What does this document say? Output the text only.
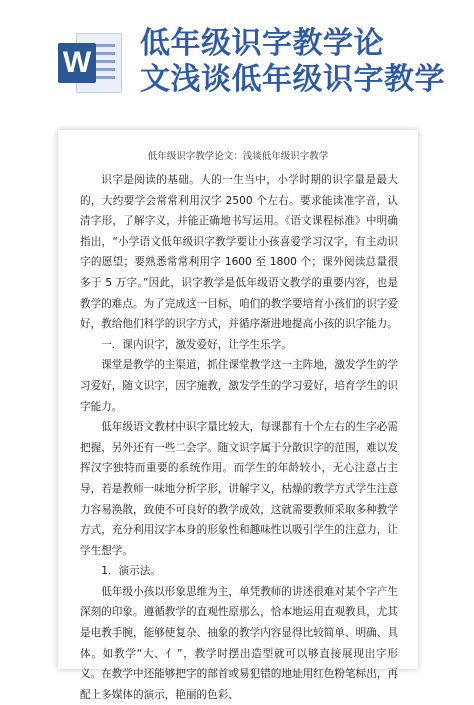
W
低年级识字教学论
文浅谈低年级识字教学
低年级识字教学论文：浅谈低年级识字教学

识字是阅读的基础。人的一生当中，小学时期的识字量是最大的，大约要学会常常利用汉字 2500 个左右。要求能读准字音，认清字形，了解字义，并能正确地书写运用。《语文课程标准》中明确指出，“小学语文低年级识字教学要让小孩喜爱学习汉字，有主动识字的愿望；要熟悉常常利用字 1600 至 1800 个；课外阅读总量很多于 5 万字。”因此，识字教学是低年级语文教学的重要内容，也是教学的难点。为了完成这一目标，咱们的教学要培育小孩们的识字爱好，教给他们科学的识字方式，并循序渐进地提高小孩的识字能力。

一．课内识字，激发爱好，让学生乐学。

课堂是教学的主渠道，抓住课堂教学这一主阵地，激发学生的学习爱好，随文识字，因字施教，激发学生的学习爱好，培育学生的识字能力。

低年级语文教材中识字量比较大，每课都有十个左右的生字必需把握，另外还有一些二会字。随文识字属于分散识字的范围，难以发挥汉字独特而重要的系统作用。而学生的年龄较小，无心注意占主导，若是教师一味地分析字形，讲解字义，枯燥的教学方式学生注意力容易涣散，致使不可良好的教学成效，这就需要教师采取多种教学方式，充分利用汉字本身的形象性和趣味性以吸引学生的注意力，让学生想学。

1．演示法。

低年级小孩以形象思维为主，单凭教师的讲述很难对某个字产生深刻的印象。遵循教学的直观性原那么，恰本地运用直观教具，尤其是电教手腕，能够使复杂、抽象的教学内容显得比较简单、明确、具体。如教学“大、亻”，教学时摆出造型就可以够直接展现出字形义。在教学中还能够把字的部首或易犯错的地址用红色粉笔标出，再配上多媒体的演示，艳丽的色彩、
